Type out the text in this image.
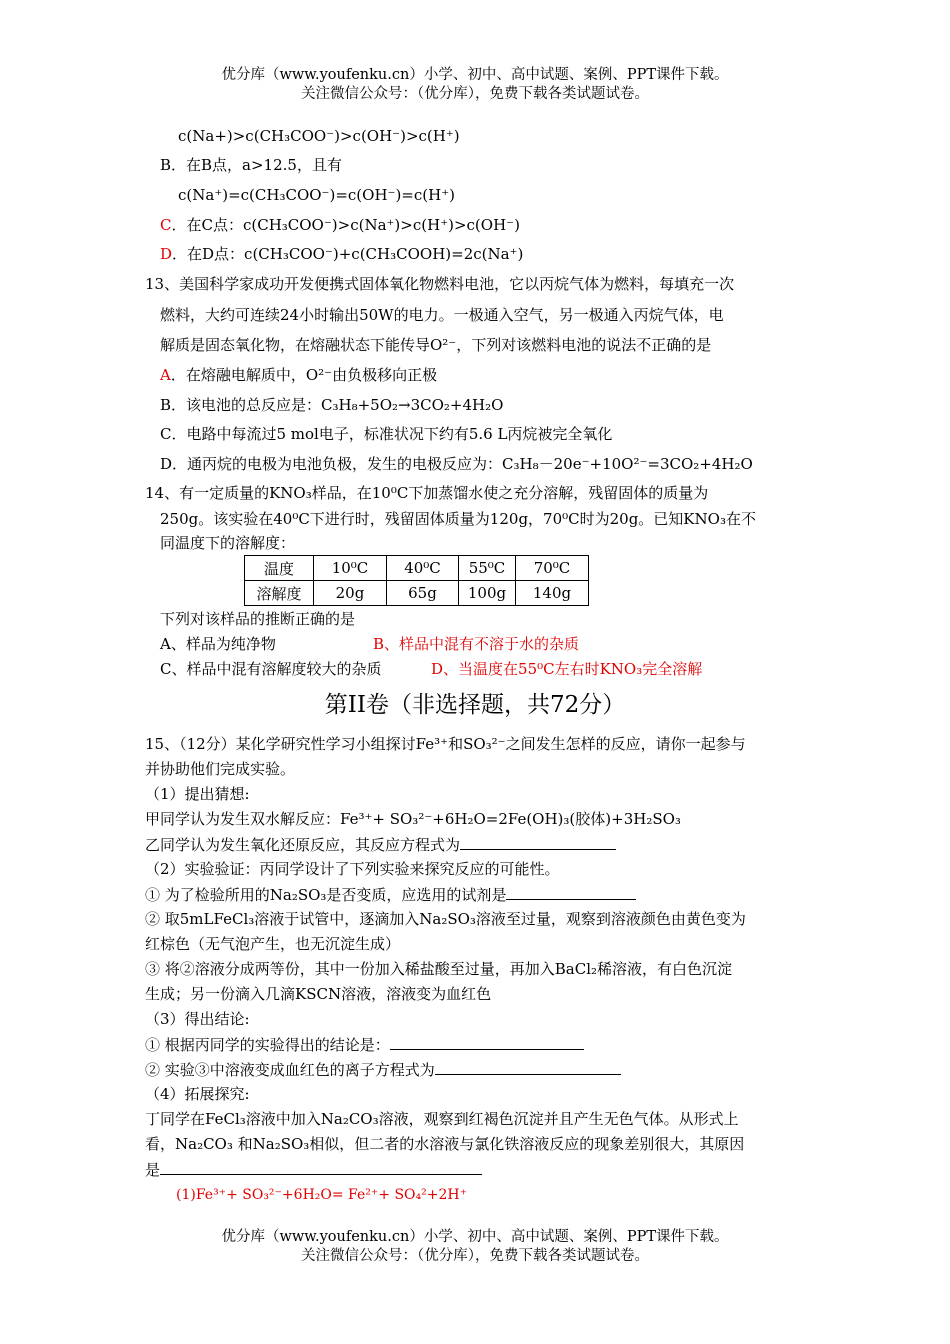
优分库（www.youfenku.cn）小学、初中、高中试题、案例、PPT课件下载。
关注微信公众号：（优分库），免费下载各类试题试卷。
c(Na+)>c(CH₃COO⁻)>c(OH⁻)>c(H⁺)
B．在B点，a>12.5，且有
c(Na⁺)=c(CH₃COO⁻)=c(OH⁻)=c(H⁺)
C．在C点：c(CH₃COO⁻)>c(Na⁺)>c(H⁺)>c(OH⁻)
D．在D点：c(CH₃COO⁻)+c(CH₃COOH)=2c(Na⁺)
13、美国科学家成功开发便携式固体氧化物燃料电池，它以丙烷气体为燃料，每填充一次
燃料，大约可连续24小时输出50W的电力。一极通入空气，另一极通入丙烷气体，电
解质是固态氧化物，在熔融状态下能传导O²⁻，下列对该燃料电池的说法不正确的是
A．在熔融电解质中，O²⁻由负极移向正极
B．该电池的总反应是：C₃H₈+5O₂→3CO₂+4H₂O
C．电路中每流过5 mol电子，标准状况下约有5.6 L丙烷被完全氧化
D．通丙烷的电极为电池负极，发生的电极反应为：C₃H₈－20e⁻+10O²⁻=3CO₂+4H₂O
14、有一定质量的KNO₃样品，在10⁰C下加蒸馏水使之充分溶解，残留固体的质量为
250g。该实验在40⁰C下进行时，残留固体质量为120g，70⁰C时为20g。已知KNO₃在不
同温度下的溶解度：
温度	10⁰C	40⁰C	55⁰C	70⁰C
溶解度	20g	65g	100g	140g
下列对该样品的推断正确的是
A、样品为纯净物	B、样品中混有不溶于水的杂质
C、样品中混有溶解度较大的杂质	D、当温度在55⁰C左右时KNO₃完全溶解
第II卷（非选择题，共72分）
15、（12分）某化学研究性学习小组探讨Fe³⁺和SO₃²⁻之间发生怎样的反应，请你一起参与
并协助他们完成实验。
（1）提出猜想:
甲同学认为发生双水解反应：Fe³⁺+ SO₃²⁻+6H₂O=2Fe(OH)₃(胶体)+3H₂SO₃
乙同学认为发生氧化还原反应，其反应方程式为
（2）实验验证：丙同学设计了下列实验来探究反应的可能性。
① 为了检验所用的Na₂SO₃是否变质，应选用的试剂是
② 取5mLFeCl₃溶液于试管中，逐滴加入Na₂SO₃溶液至过量，观察到溶液颜色由黄色变为
红棕色（无气泡产生，也无沉淀生成）
③ 将②溶液分成两等份，其中一份加入稀盐酸至过量，再加入BaCl₂稀溶液，有白色沉淀
生成；另一份滴入几滴KSCN溶液，溶液变为血红色
（3）得出结论:
① 根据丙同学的实验得出的结论是：
② 实验③中溶液变成血红色的离子方程式为
（4）拓展探究:
丁同学在FeCl₃溶液中加入Na₂CO₃溶液，观察到红褐色沉淀并且产生无色气体。从形式上
看，Na₂CO₃ 和Na₂SO₃相似，但二者的水溶液与氯化铁溶液反应的现象差别很大，其原因
是
(1)Fe³⁺+ SO₃²⁻+6H₂O= Fe²⁺+ SO₄²+2H⁺
优分库（www.youfenku.cn）小学、初中、高中试题、案例、PPT课件下载。
关注微信公众号：（优分库），免费下载各类试题试卷。
